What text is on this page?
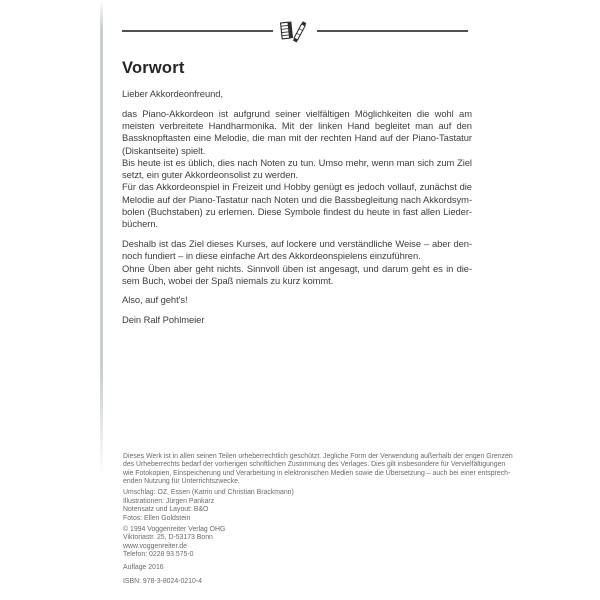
Vorwort
Lieber Akkordeonfreund,
das Piano-Akkordeon ist aufgrund seiner vielfältigen Möglichkeiten die wohl am
meisten verbreitete Handharmonika. Mit der linken Hand begleitet man auf den
Bassknopftasten eine Melodie, die man mit der rechten Hand auf der Piano-Tastatur
(Diskantseite) spielt.
Bis heute ist es üblich, dies nach Noten zu tun. Umso mehr, wenn man sich zum Ziel
setzt, ein guter Akkordeonsolist zu werden.
Für das Akkordeonspiel in Freizeit und Hobby genügt es jedoch vollauf, zunächst die
Melodie auf der Piano-Tastatur nach Noten und die Bassbegleitung nach Akkordsym-
bolen (Buchstaben) zu erlernen. Diese Symbole findest du heute in fast allen Lieder-
büchern.
Deshalb ist das Ziel dieses Kurses, auf lockere und verständliche Weise – aber den-
noch fundiert – in diese einfache Art des Akkordeonspielens einzuführen.
Ohne Üben aber geht nichts. Sinnvoll üben ist angesagt, und darum geht es in die-
sem Buch, wobei der Spaß niemals zu kurz kommt.
Also, auf geht's!
Dein Ralf Pohlmeier
Dieses Werk ist in allen seinen Teilen urheberrechtlich geschützt. Jegliche Form der Verwendung außerhalb der engen Grenzen
des Urheberrechts bedarf der vorherigen schriftlichen Zustimmung des Verlages. Dies gilt insbesondere für Vervielfältigungen
wie Fotokopien, Einspeicherung und Verarbeitung in elektronischen Medien sowie die Übersetzung – auch bei einer entsprech-
enden Nutzung für Unterrichtszwecke.
Umschlag: OZ, Essen (Katrin und Christian Brackmann)
Illustrationen: Jürgen Pankarz
Notensatz und Layout: B&O
Fotos: Ellen Goldstein
© 1994 Voggenreiter Verlag OHG
Viktoriastr. 25, D-53173 Bonn
www.voggenreiter.de
Telefon: 0228 93 575-0
Auflage 2016
ISBN: 978-3-8024-0210-4
